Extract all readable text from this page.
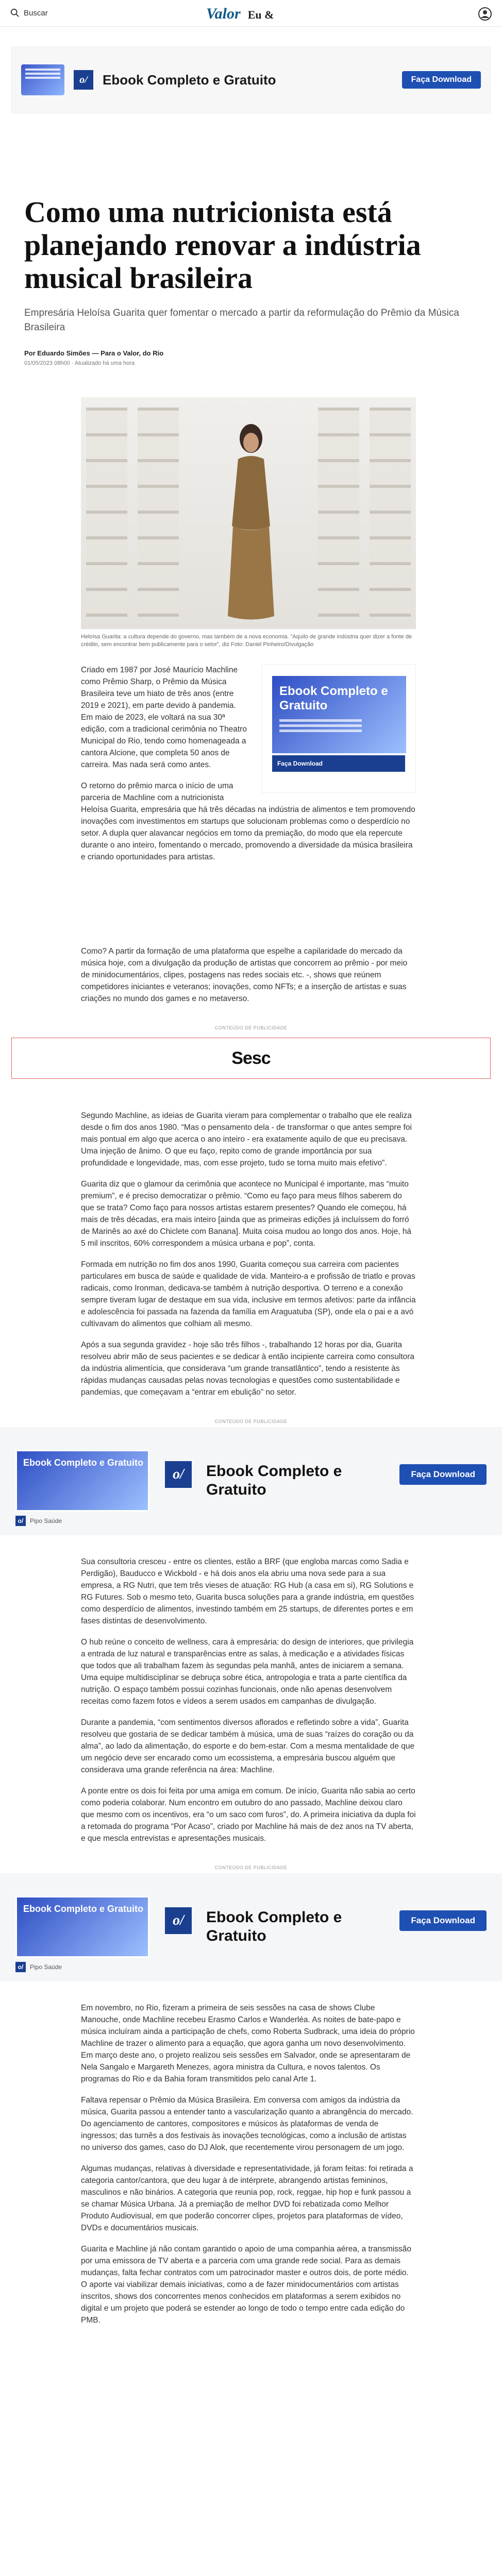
Buscar	Valor Eu &
o/	Ebook Completo e Gratuito	Faça Download
Como uma nutricionista está planejando renovar a indústria musical brasileira
Empresária Heloísa Guarita quer fomentar o mercado a partir da reformulação do Prêmio da Música Brasileira
Por Eduardo Simões — Para o Valor, do Rio
01/05/2023 08h00 · Atualizado há uma hora
Heloísa Guarita: a cultura depende do governo, mas também de a nova economia. “Aquilo de grande indústria quer dizer a fonte de crédito, sem encontrar bem publicamente para o setor”, diz Foto: Daniel Pinheiro/Divulgação
Ebook Completo e Gratuito
Faça Download

Criado em 1987 por José Maurício Machline como Prêmio Sharp, o Prêmio da Música Brasileira teve um hiato de três anos (entre 2019 e 2021), em parte devido à pandemia. Em maio de 2023, ele voltará na sua 30ª edição, com a tradicional cerimônia no Theatro Municipal do Rio, tendo como homenageada a cantora Alcione, que completa 50 anos de carreira. Mas nada será como antes.

O retorno do prêmio marca o início de uma parceria de Machline com a nutricionista Heloísa Guarita, empresária que há três décadas na indústria de alimentos e tem promovendo inovações com investimentos em startups que solucionam problemas como o desperdício no setor. A dupla quer alavancar negócios em torno da premiação, do modo que ela repercute durante o ano inteiro, fomentando o mercado, promovendo a diversidade da música brasileira e criando oportunidades para artistas.

Como? A partir da formação de uma plataforma que espelhe a capilaridade do mercado da música hoje, com a divulgação da produção de artistas que concorrem ao prêmio - por meio de minidocumentários, clipes, postagens nas redes sociais etc. -, shows que reúnem competidores iniciantes e veteranos; inovações, como NFTs; e a inserção de artistas e suas criações no mundo dos games e no metaverso.

CONTEÚDO DE PUBLICIDADE
Sesc

Segundo Machline, as ideias de Guarita vieram para complementar o trabalho que ele realiza desde o fim dos anos 1980. “Mas o pensamento dela - de transformar o que antes sempre foi mais pontual em algo que acerca o ano inteiro - era exatamente aquilo de que eu precisava. Uma injeção de ânimo. O que eu faço, repito como de grande importância por sua profundidade e longevidade, mas, com esse projeto, tudo se torna muito mais efetivo”.

Guarita diz que o glamour da cerimônia que acontece no Municipal é importante, mas “muito premium”, e é preciso democratizar o prêmio. “Como eu faço para meus filhos saberem do que se trata? Como faço para nossos artistas estarem presentes? Quando ele começou, há mais de três décadas, era mais inteiro [ainda que as primeiras edições já incluíssem do forró de Marinês ao axé do Chiclete com Banana]. Muita coisa mudou ao longo dos anos. Hoje, há 5 mil inscritos, 60% correspondem a música urbana e pop”, conta.

Formada em nutrição no fim dos anos 1990, Guarita começou sua carreira com pacientes particulares em busca de saúde e qualidade de vida. Manteiro-a e profissão de triatlo e provas radicais, como Ironman, dedicava-se também à nutrição desportiva. O terreno e a conexão sempre tiveram lugar de destaque em sua vida, inclusive em termos afetivos: parte da infância e adolescência foi passada na fazenda da família em Araguatuba (SP), onde ela o pai e a avó cultivavam do alimentos que colhiam ali mesmo.

Após a sua segunda gravidez - hoje são três filhos -, trabalhando 12 horas por dia, Guarita resolveu abrir mão de seus pacientes e se dedicar à então incipiente carreira como consultora da indústria alimentícia, que considerava “um grande transatlântico”, tendo a resistente às rápidas mudanças causadas pelas novas tecnologias e questões como sustentabilidade e pandemias, que começavam a “entrar em ebulição” no setor.

CONTEÚDO DE PUBLICIDADE
Ebook Completo e Gratuito
o/	Ebook Completo e Gratuito
Faça Download
o/	Pipo Saúde

Sua consultoria cresceu - entre os clientes, estão a BRF (que engloba marcas como Sadia e Perdigão), Bauducco e Wickbold - e há dois anos ela abriu uma nova sede para a sua empresa, a RG Nutri, que tem três vieses de atuação: RG Hub (a casa em si), RG Solutions e RG Futures. Sob o mesmo teto, Guarita busca soluções para a grande indústria, em questões como desperdício de alimentos, investindo também em 25 startups, de diferentes portes e em fases distintas de desenvolvimento.

O hub reúne o conceito de wellness, cara à empresária: do design de interiores, que privilegia a entrada de luz natural e transparências entre as salas, à medicação e a atividades físicas que todos que ali trabalham fazem às segundas pela manhã, antes de iniciarem a semana. Uma equipe multidisciplinar se debruça sobre ética, antropologia e trata a parte científica da nutrição. O espaço também possui cozinhas funcionais, onde não apenas desenvolvem receitas como fazem fotos e vídeos a serem usados em campanhas de divulgação.

Durante a pandemia, “com sentimentos diversos aflorados e refletindo sobre a vida”, Guarita resolveu que gostaria de se dedicar também à música, uma de suas “raízes do coração ou da alma”, ao lado da alimentação, do esporte e do bem-estar. Com a mesma mentalidade de que um negócio deve ser encarado como um ecossistema, a empresária buscou alguém que considerava uma grande referência na área: Machline.

A ponte entre os dois foi feita por uma amiga em comum. De início, Guarita não sabia ao certo como poderia colaborar. Num encontro em outubro do ano passado, Machline deixou claro que mesmo com os incentivos, era “o um saco com furos”, do. A primeira iniciativa da dupla foi a retomada do programa “Por Acaso”, criado por Machline há mais de dez anos na TV aberta, e que mescla entrevistas e apresentações musicais.

CONTEÚDO DE PUBLICIDADE
Ebook Completo e Gratuito
o/	Ebook Completo e Gratuito
Faça Download
o/	Pipo Saúde

Em novembro, no Rio, fizeram a primeira de seis sessões na casa de shows Clube Manouche, onde Machline recebeu Erasmo Carlos e Wanderléa. As noites de bate-papo e música incluíram ainda a participação de chefs, como Roberta Sudbrack, uma ideia do próprio Machline de trazer o alimento para a equação, que agora ganha um novo desenvolvimento. Em março deste ano, o projeto realizou seis sessões em Salvador, onde se apresentaram de Nela Sangalo e Margareth Menezes, agora ministra da Cultura, e novos talentos. Os programas do Rio e da Bahia foram transmitidos pelo canal Arte 1.

Faltava repensar o Prêmio da Música Brasileira. Em conversa com amigos da indústria da música, Guarita passou a entender tanto a vascularização quanto a abrangência do mercado. Do agenciamento de cantores, compositores e músicos às plataformas de venda de ingressos; das turnês a dos festivais às inovações tecnológicas, como a inclusão de artistas no universo dos games, caso do DJ Alok, que recentemente virou personagem de um jogo.

Algumas mudanças, relativas à diversidade e representatividade, já foram feitas: foi retirada a categoria cantor/cantora, que deu lugar à de intérprete, abrangendo artistas femininos, masculinos e não binários. A categoria que reunia pop, rock, reggae, hip hop e funk passou a se chamar Música Urbana. Já a premiação de melhor DVD foi rebatizada como Melhor Produto Audiovisual, em que poderão concorrer clipes, projetos para plataformas de vídeo, DVDs e documentários musicais.

Guarita e Machline já não contam garantido o apoio de uma companhia aérea, a transmissão por uma emissora de TV aberta e a parceria com uma grande rede social. Para as demais mudanças, falta fechar contratos com um patrocinador master e outros dois, de porte médio. O aporte vai viabilizar demais iniciativas, como a de fazer minidocumentários com artistas inscritos, shows dos concorrentes menos conhecidos em plataformas a serem exibidos no digital e um projeto que poderá se estender ao longo de todo o tempo entre cada edição do PMB.
